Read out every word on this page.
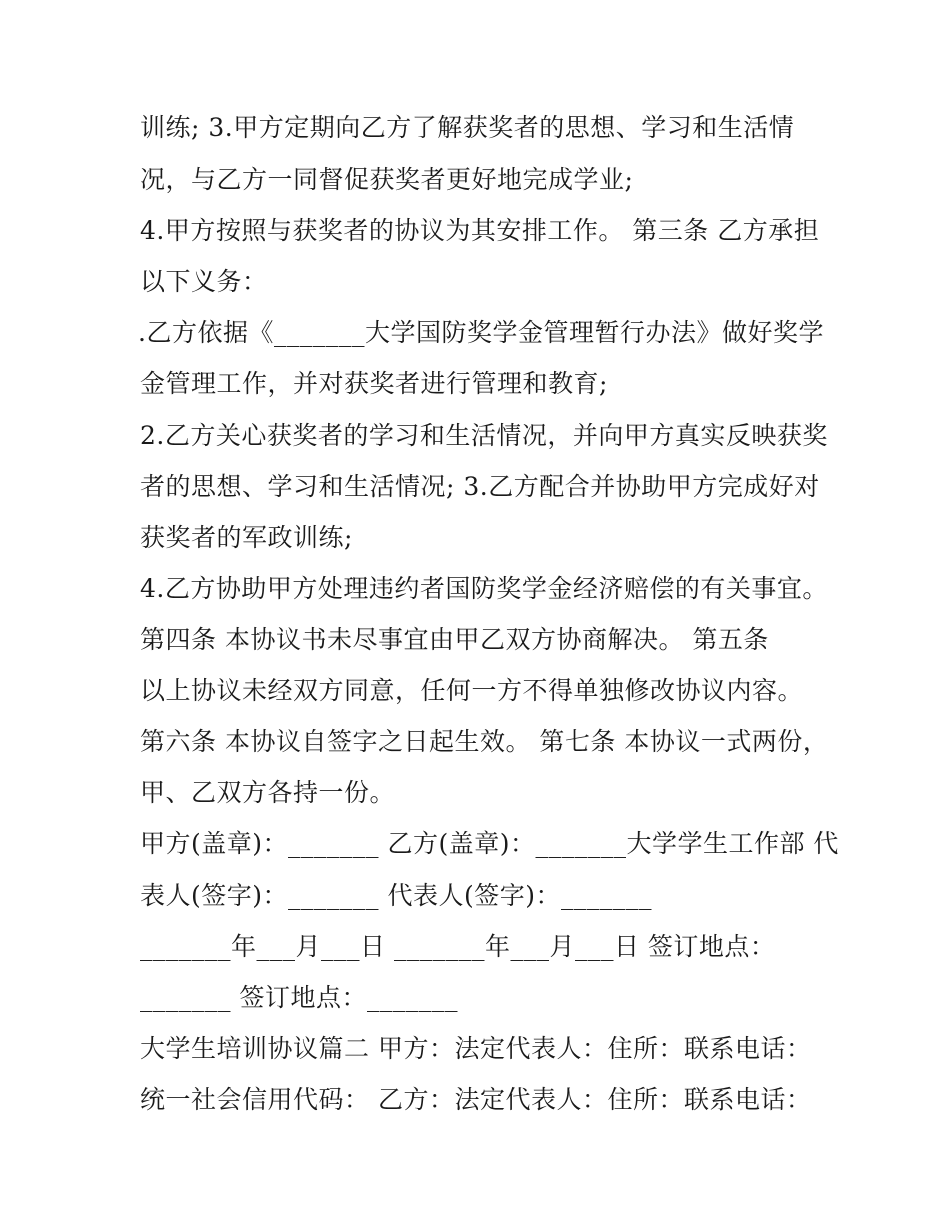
训练; 3.甲方定期向乙方了解获奖者的思想、学习和生活情
况，与乙方一同督促获奖者更好地完成学业;
4.甲方按照与获奖者的协议为其安排工作。 第三条 乙方承担
以下义务：
.乙方依据《_______大学国防奖学金管理暂行办法》做好奖学
金管理工作，并对获奖者进行管理和教育;
2.乙方关心获奖者的学习和生活情况，并向甲方真实反映获奖
者的思想、学习和生活情况; 3.乙方配合并协助甲方完成好对
获奖者的军政训练;
4.乙方协助甲方处理违约者国防奖学金经济赔偿的有关事宜。
第四条 本协议书未尽事宜由甲乙双方协商解决。 第五条
以上协议未经双方同意，任何一方不得单独修改协议内容。
第六条 本协议自签字之日起生效。 第七条 本协议一式两份，
甲、乙双方各持一份。
甲方(盖章)：_______ 乙方(盖章)：_______大学学生工作部 代
表人(签字)：_______ 代表人(签字)：_______
_______年___月___日 _______年___月___日 签订地点：
_______ 签订地点：_______
大学生培训协议篇二 甲方：法定代表人：住所：联系电话：
统一社会信用代码： 乙方：法定代表人：住所：联系电话：
